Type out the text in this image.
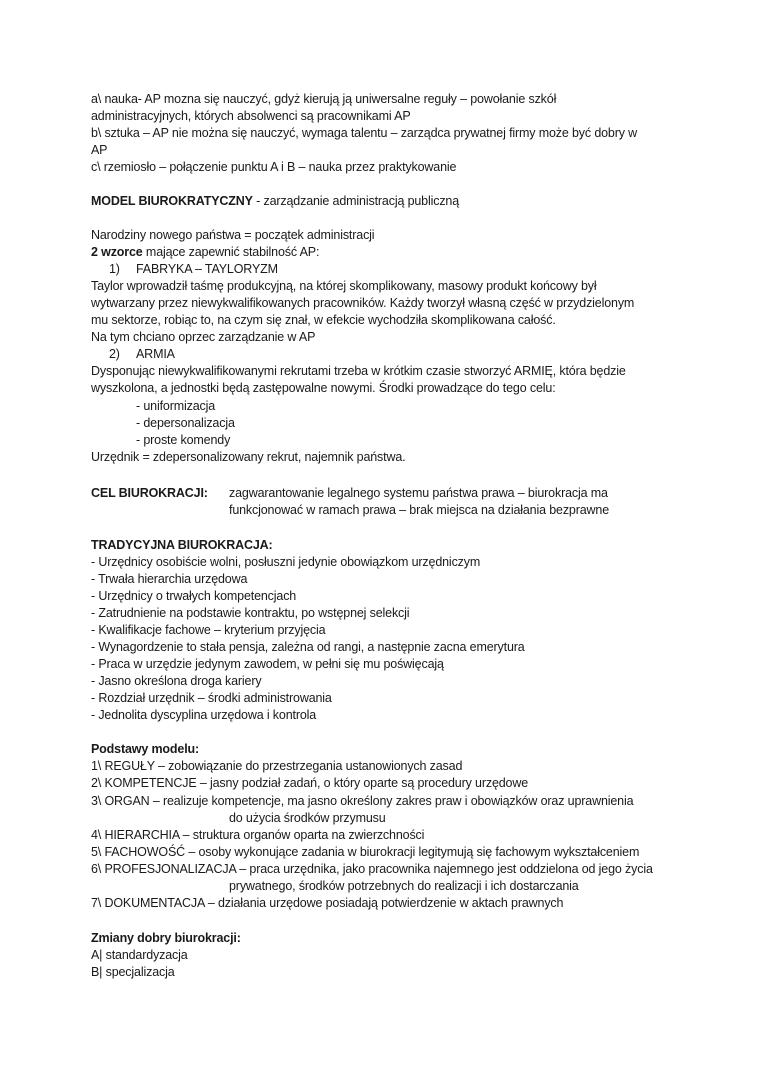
a\ nauka- AP mozna się nauczyć, gdyż kierują ją uniwersalne reguły – powołanie szkół
administracyjnych, których absolwenci są pracownikami AP
b\ sztuka – AP nie można się nauczyć, wymaga talentu – zarządca prywatnej firmy może być dobry w
AP
c\ rzemiosło – połączenie punktu A i B – nauka przez praktykowanie
MODEL BIUROKRATYCZNY - zarządzanie administracją publiczną
Narodziny nowego państwa = początek administracji
2 wzorce mające zapewnić stabilność AP:
1) FABRYKA – TAYLORYZM
Taylor wprowadził taśmę produkcyjną, na której skomplikowany, masowy produkt końcowy był
wytwarzany przez niewykwalifikowanych pracowników. Każdy tworzył własną część w przydzielonym
mu sektorze, robiąc to, na czym się znał, w efekcie wychodziła skomplikowana całość.
Na tym chciano oprzec zarządzanie w AP
2) ARMIA
Dysponując niewykwalifikowanymi rekrutami trzeba w krótkim czasie stworzyć ARMIĘ, która będzie
wyszkolona, a jednostki będą zastępowalne nowymi. Środki prowadzące do tego celu:
- uniformizacja
- depersonalizacja
- proste komendy
Urzędnik = zdepersonalizowany rekrut, najemnik państwa.
CEL BIUROKRACJI: zagwarantowanie legalnego systemu państwa prawa – biurokracja ma
funkcjonować w ramach prawa – brak miejsca na działania bezprawne
TRADYCYJNA BIUROKRACJA:
- Urzędnicy osobiście wolni, posłuszni jedynie obowiązkom urzędniczym
- Trwała hierarchia urzędowa
- Urzędnicy o trwałych kompetencjach
- Zatrudnienie na podstawie kontraktu, po wstępnej selekcji
- Kwalifikacje fachowe – kryterium przyjęcia
- Wynagordzenie to stała pensja, zależna od rangi, a następnie zacna emerytura
- Praca w urzędzie jedynym zawodem, w pełni się mu poświęcają
- Jasno określona droga kariery
- Rozdział urzędnik – środki administrowania
- Jednolita dyscyplina urzędowa i kontrola
Podstawy modelu:
1\ REGUŁY – zobowiązanie do przestrzegania ustanowionych zasad
2\ KOMPETENCJE – jasny podział zadań, o który oparte są procedury urzędowe
3\ ORGAN – realizuje kompetencje, ma jasno określony zakres praw i obowiązków oraz uprawnienia
do użycia środków przymusu
4\ HIERARCHIA – struktura organów oparta na zwierzchności
5\ FACHOWOŚĆ – osoby wykonujące zadania w biurokracji legitymują się fachowym wykształceniem
6\ PROFESJONALIZACJA – praca urzędnika, jako pracownika najemnego jest oddzielona od jego życia
prywatnego, środków potrzebnych do realizacji i ich dostarczania
7\ DOKUMENTACJA – działania urzędowe posiadają potwierdzenie w aktach prawnych
Zmiany dobry biurokracji:
A| standardyzacja
B| specjalizacja
